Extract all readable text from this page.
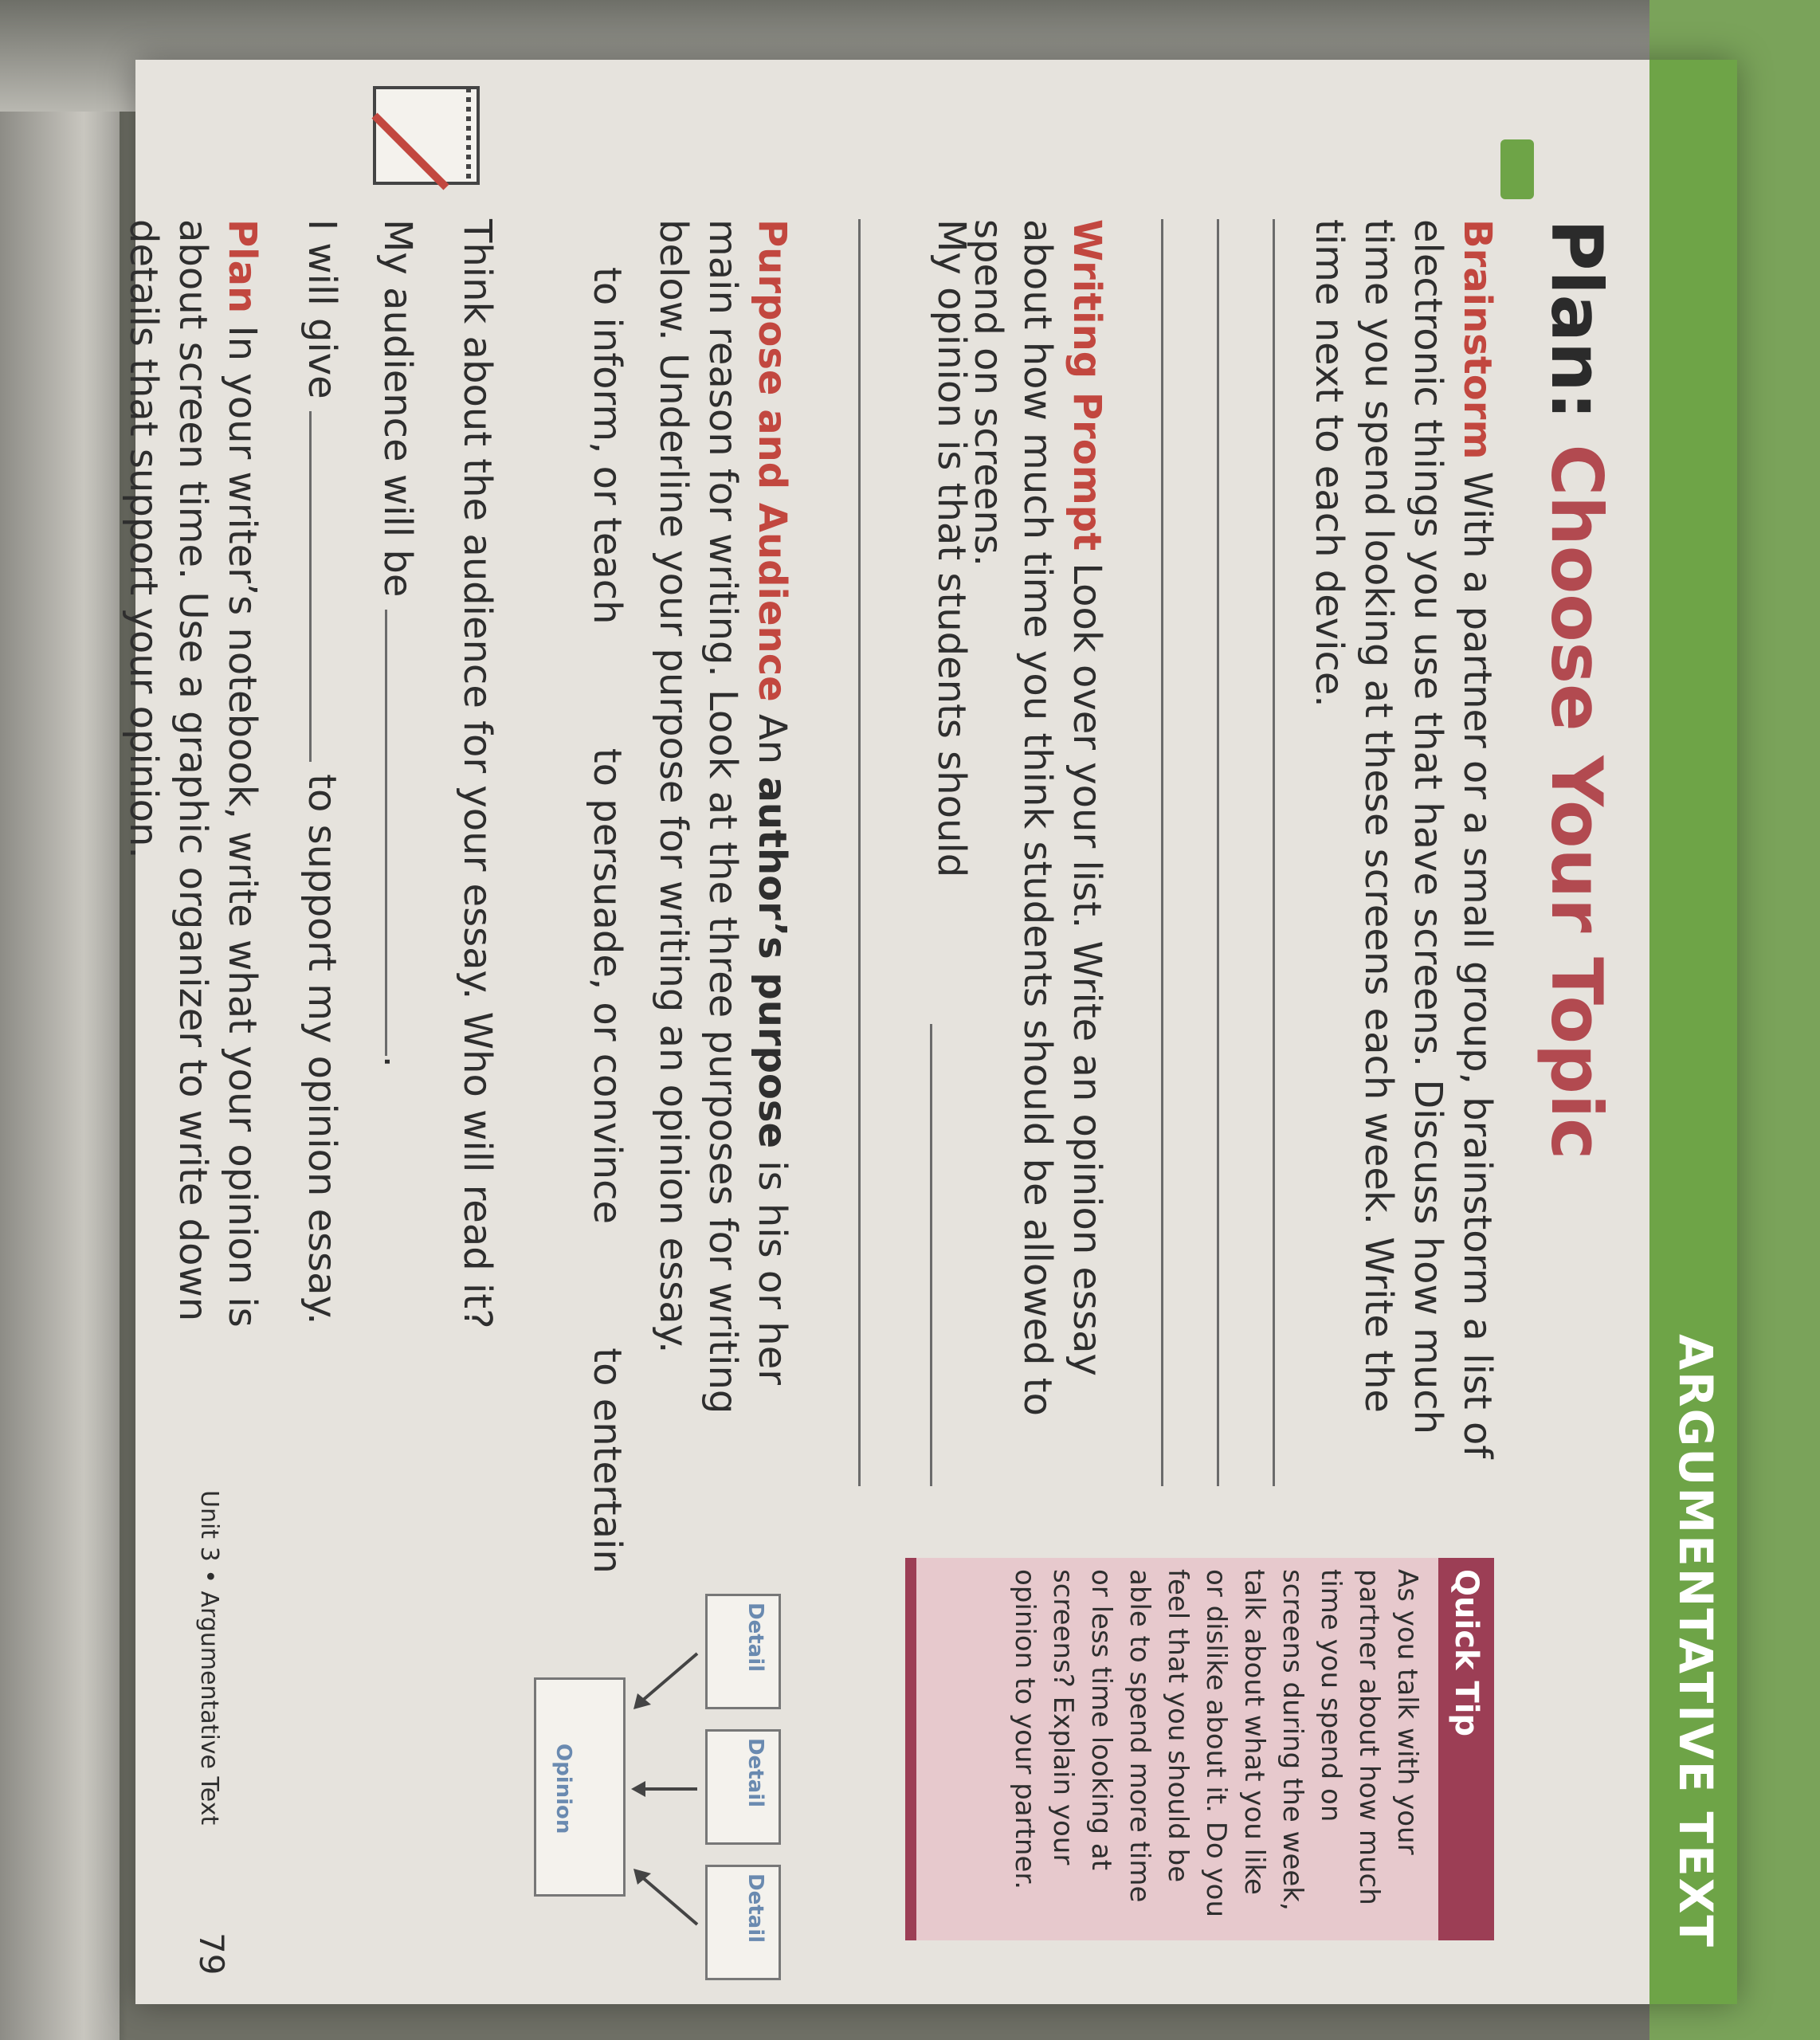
ARGUMENTATIVE TEXT
Plan: Choose Your Topic
Brainstorm With a partner or a small group, brainstorm a list of electronic things you use that have screens. Discuss how much time you spend looking at these screens each week. Write the time next to each device.
Writing Prompt Look over your list. Write an opinion essay about how much time you think students should be allowed to spend on screens.
My opinion is that students should
Purpose and Audience An author’s purpose is his or her main reason for writing. Look at the three purposes for writing below. Underline your purpose for writing an opinion essay.
to inform, or teach to persuade, or convince to entertain
Think about the audience for your essay. Who will read it?
My audience will be .
I will give  to support my opinion essay.
Plan In your writer’s notebook, write what your opinion is about screen time. Use a graphic organizer to write down details that support your opinion.
Quick Tip
As you talk with your partner about how much time you spend on screens during the week, talk about what you like or dislike about it. Do you feel that you should be able to spend more time or less time looking at screens? Explain your opinion to your partner.
Detail
Detail
Detail
Opinion
Unit 3 • Argumentative Text
79
